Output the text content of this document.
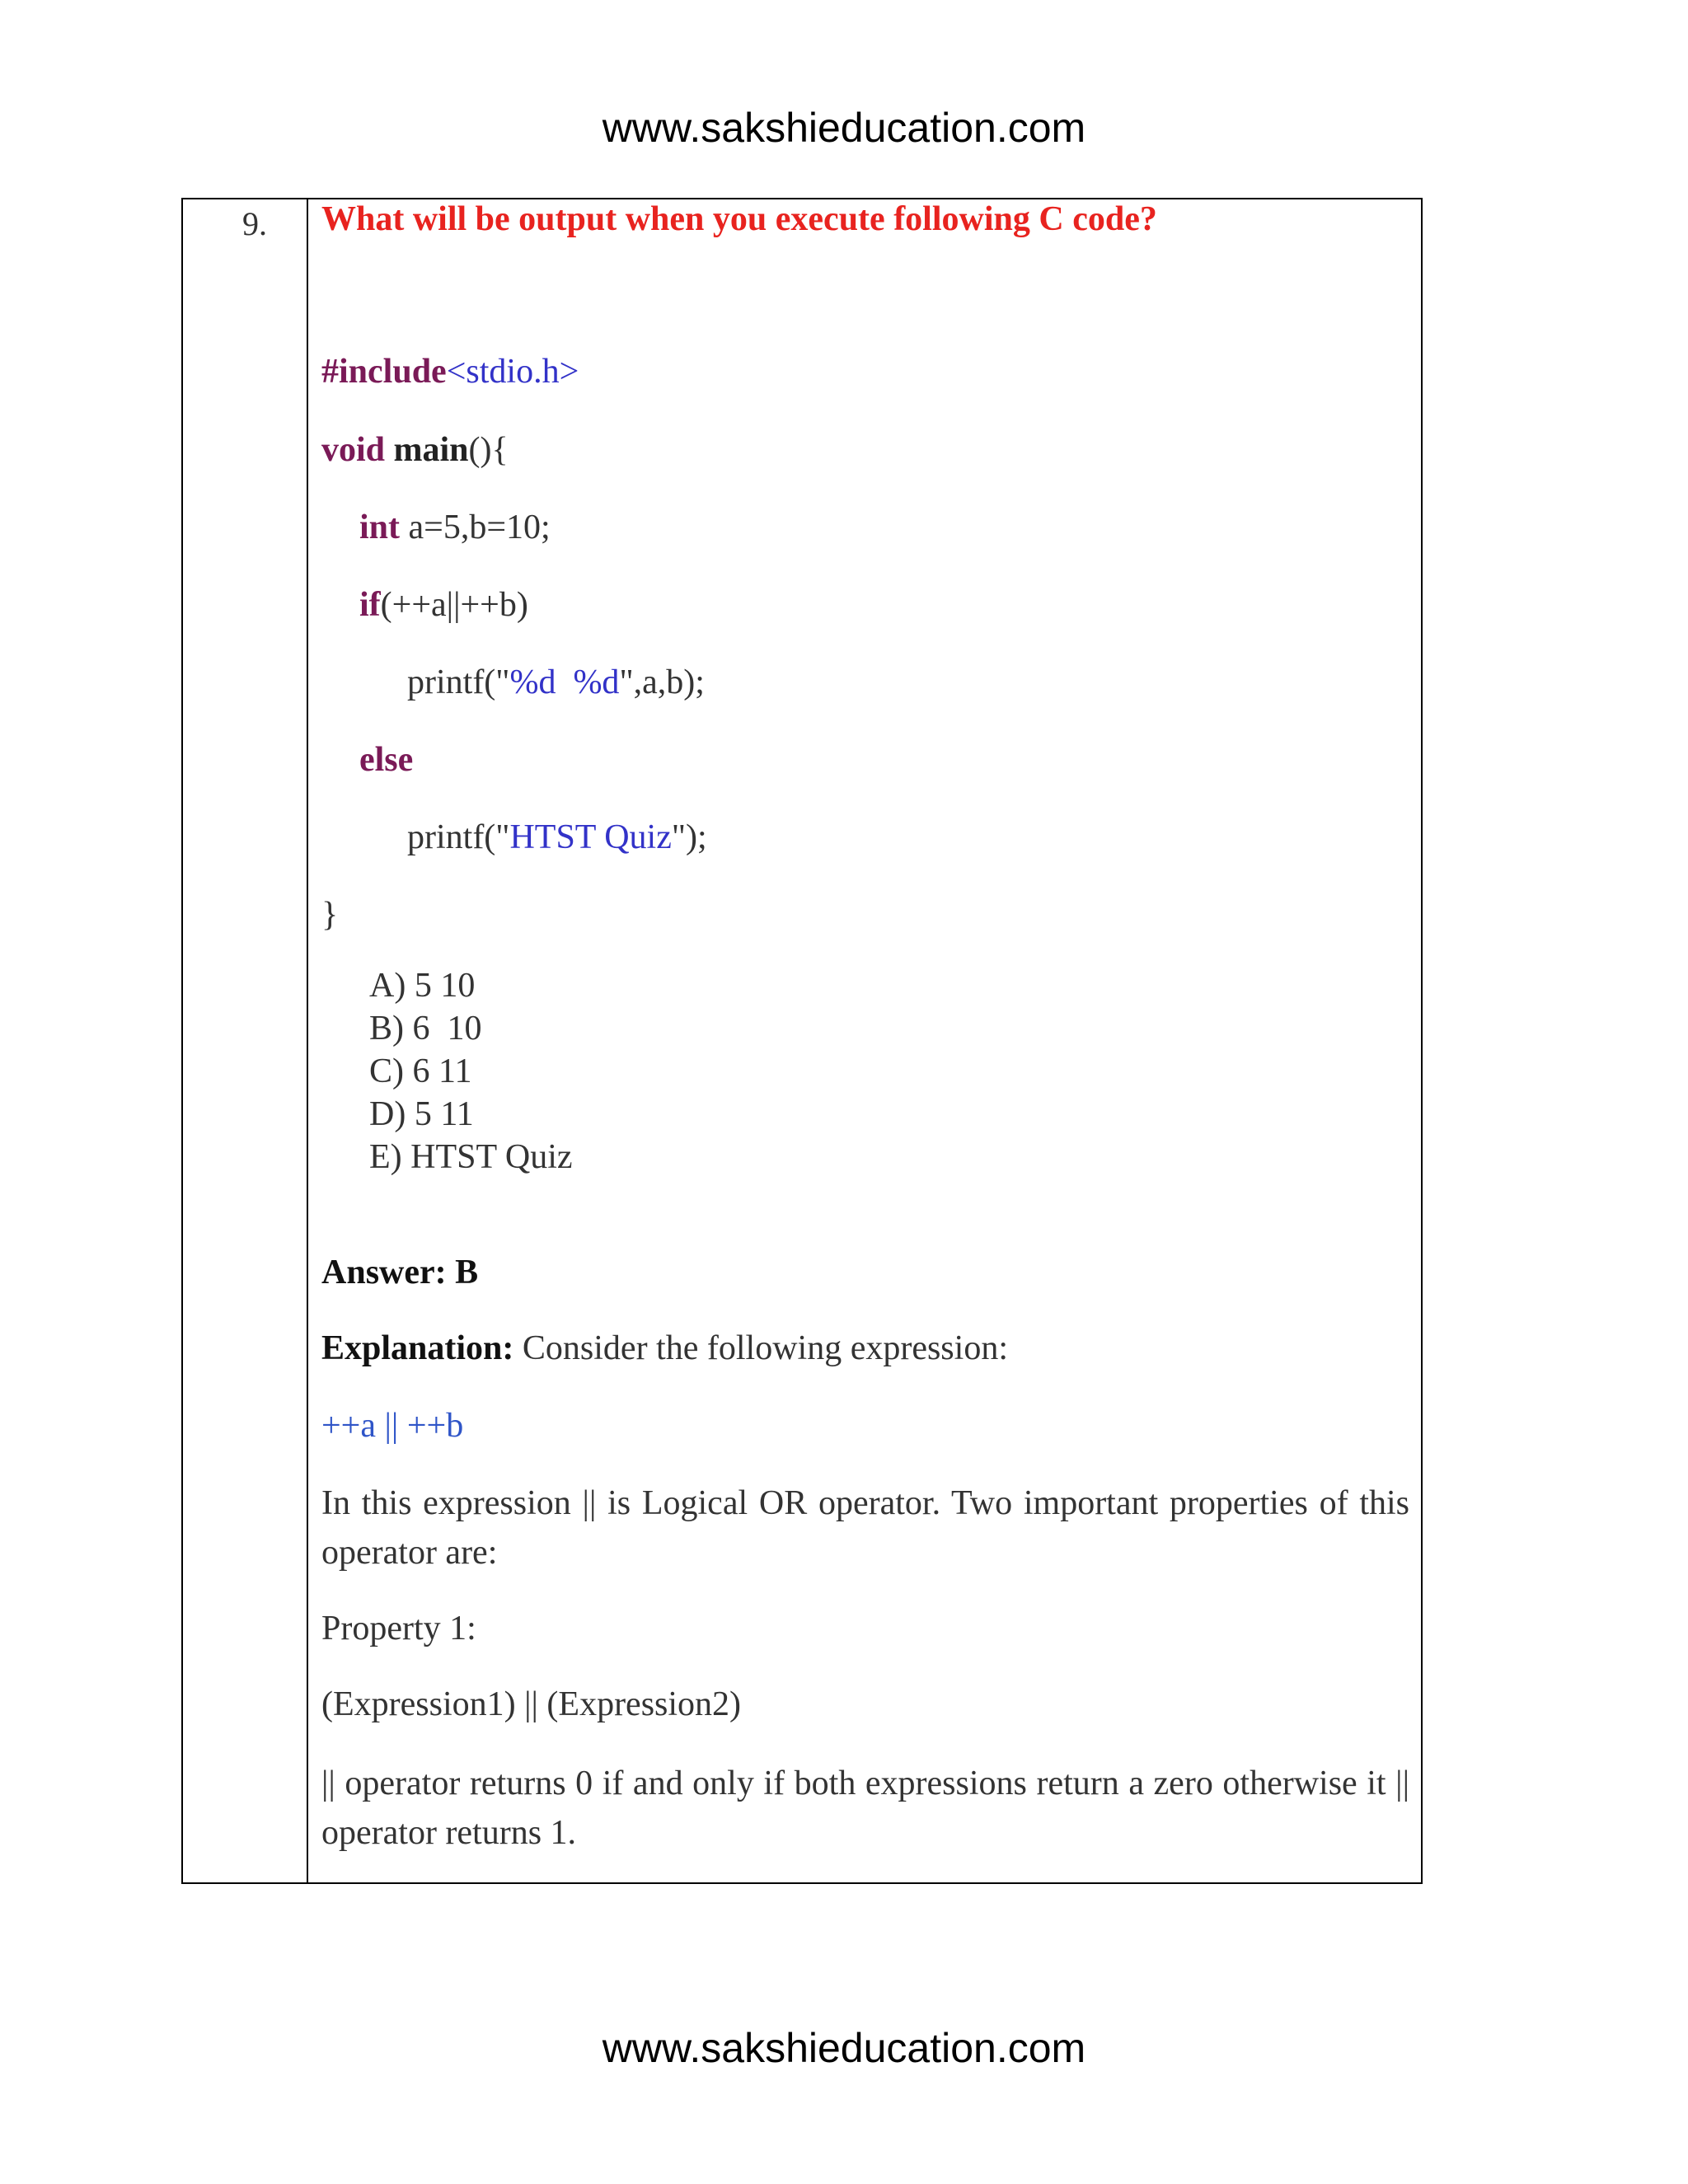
www.sakshieducation.com
9. What will be output when you execute following C code?
#include<stdio.h>
void main(){
int a=5,b=10;
if(++a||++b)
printf("%d  %d",a,b);
else
printf("HTST Quiz");
}
A) 5 10
B) 6  10
C) 6 11
D) 5 11
E) HTST Quiz
Answer: B
Explanation: Consider the following expression:
++a || ++b
In this expression || is Logical OR operator. Two important properties of this operator are:
Property 1:
(Expression1) || (Expression2)
|| operator returns 0 if and only if both expressions return a zero otherwise it || operator returns 1.
www.sakshieducation.com
